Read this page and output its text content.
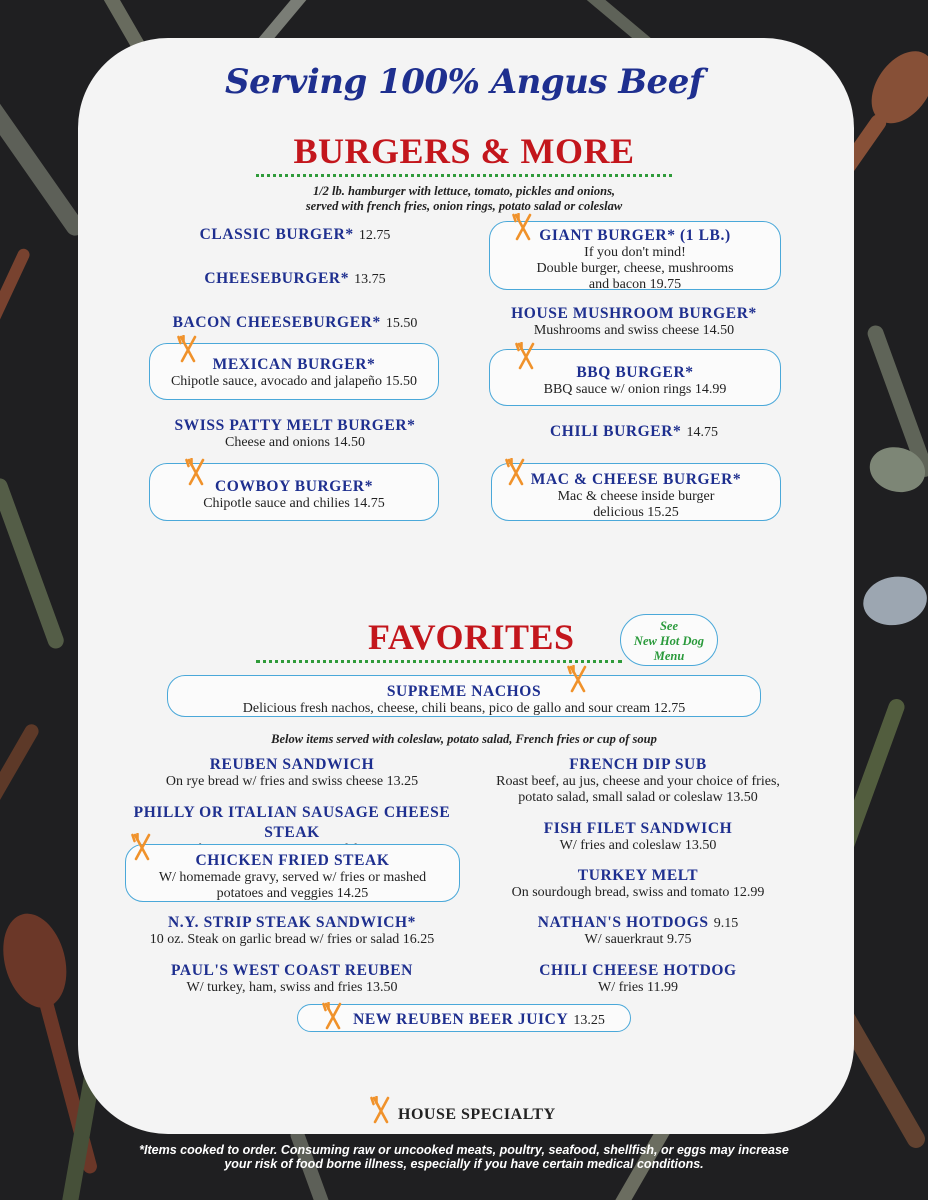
Serving 100% Angus Beef
BURGERS & MORE
1/2 lb. hamburger with lettuce, tomato, pickles and onions,
served with french fries, onion rings, potato salad or coleslaw
CLASSIC BURGER* 12.75
CHEESEBURGER* 13.75
BACON CHEESEBURGER* 15.50
MEXICAN BURGER*
Chipotle sauce, avocado and jalapeño 15.50
SWISS PATTY MELT BURGER*
Cheese and onions 14.50
COWBOY BURGER*
Chipotle sauce and chilies 14.75
GIANT BURGER* (1 LB.)
If you don't mind!
Double burger, cheese, mushrooms
and bacon 19.75
HOUSE MUSHROOM BURGER*
Mushrooms and swiss cheese 14.50
BBQ BURGER*
BBQ sauce w/ onion rings 14.99
CHILI BURGER* 14.75
MAC & CHEESE BURGER*
Mac & cheese inside burger
delicious 15.25
FAVORITES	See
New Hot Dog
Menu
SUPREME NACHOS
Delicious fresh nachos, cheese, chili beans, pico de gallo and sour cream 12.75
Below items served with coleslaw, potato salad, French fries or cup of soup
REUBEN SANDWICH
On rye bread w/ fries and swiss cheese 13.25
PHILLY OR ITALIAN SAUSAGE CHEESE STEAK
CHICKEN FRIED STEAK
W/ homemade gravy, served w/ fries or mashed
potatoes and veggies 14.25
N.Y. STRIP STEAK SANDWICH*
10 oz. Steak on garlic bread w/ fries or salad 16.25
PAUL'S WEST COAST REUBEN
W/ turkey, ham, swiss and fries 13.50
FRENCH DIP SUB
Roast beef, au jus, cheese and your choice of fries,
potato salad, small salad or coleslaw 13.50
FISH FILET SANDWICH
W/ fries and coleslaw 13.50
TURKEY MELT
On sourdough bread, swiss and tomato 12.99
NATHAN'S HOTDOGS 9.15
W/ sauerkraut 9.75
CHILI CHEESE HOTDOG
W/ fries 11.99
NEW REUBEN BEER JUICY 13.25
HOUSE SPECIALTY
*Items cooked to order. Consuming raw or uncooked meats, poultry, seafood, shellfish, or eggs may increase
your risk of food borne illness, especially if you have certain medical conditions.
